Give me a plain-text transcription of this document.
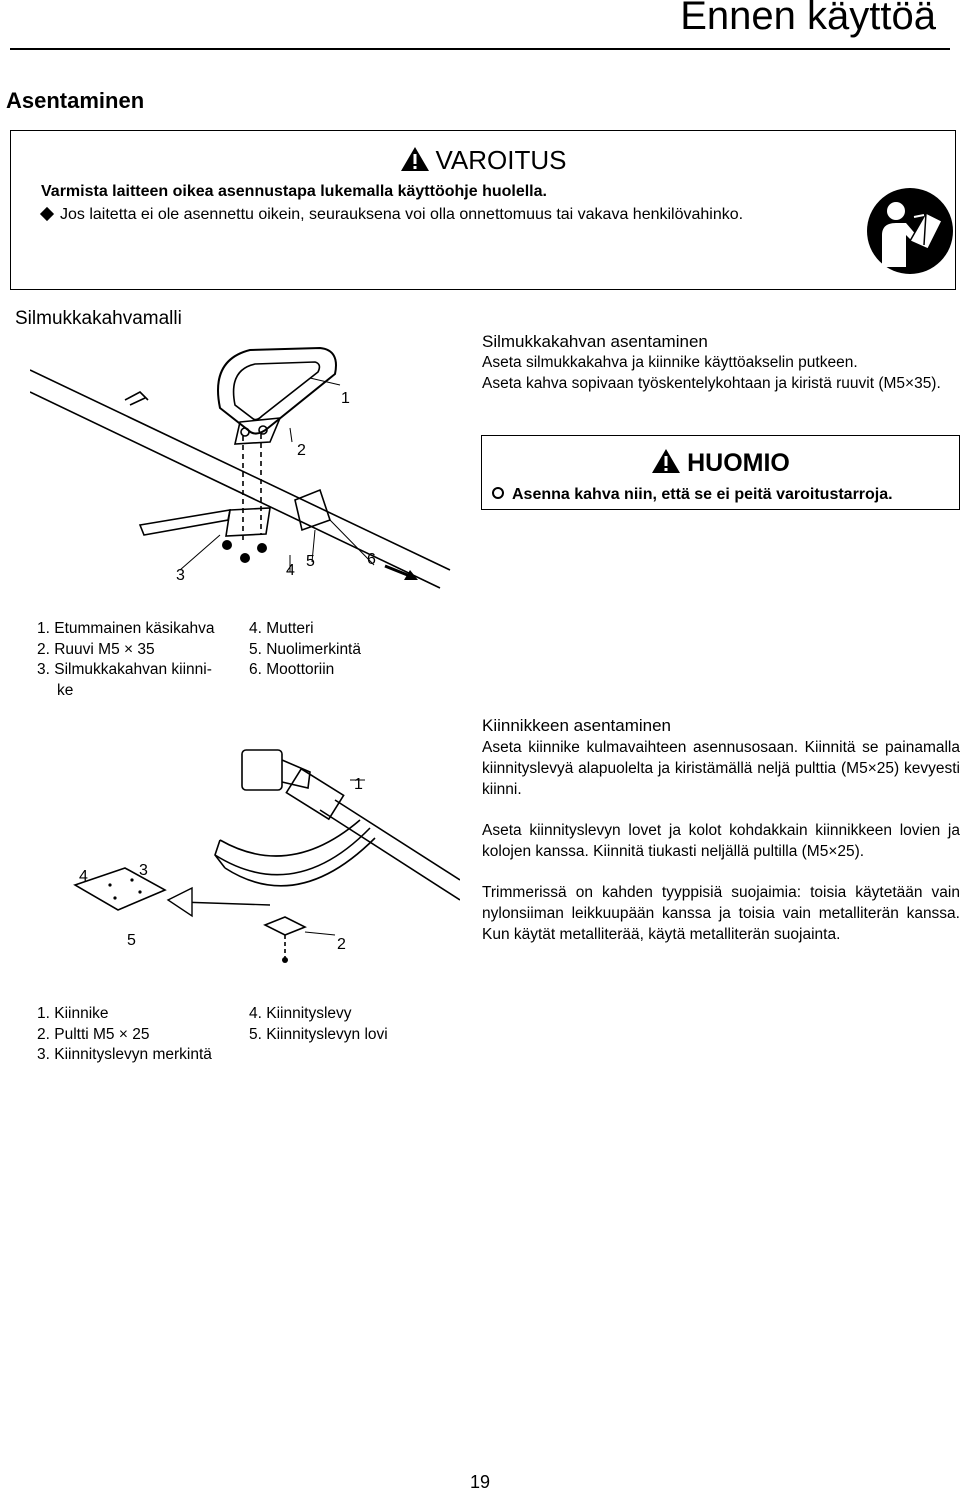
Ennen käyttöä
Asentaminen
VAROITUS
Varmista laitteen oikea asennustapa lukemalla käyttöohje huolella.
Jos laitetta ei ole asennettu oikein, seurauksena voi olla onnettomuus tai vakava henkilövahinko.
Silmukkakahvamalli
1
2
3	4
5	6
Silmukkakahvan asentaminen
Aseta silmukkakahva ja kiinnike käyttöakselin putkeen.
Aseta kahva sopivaan työskentelykohtaan ja kiristä ruuvit (M5×35).
HUOMIO
Asenna kahva niin, että se ei peitä varoitustarroja.
1. Etummainen käsikahva
2. Ruuvi M5 × 35
3. Silmukkakahvan kiinni-
ke
4. Mutteri
5. Nuolimerkintä
6. Moottoriin
1
2
3
4
5
Kiinnikkeen asentaminen
Aseta kiinnike kulmavaihteen asennusosaan. Kiinnitä se painamalla kiinnityslevyä alapuolelta ja kiristämällä neljä pulttia (M5×25) kevyesti kiinni.
Aseta kiinnityslevyn lovet ja kolot kohdakkain kiinnikkeen lovien ja kolojen kanssa. Kiinnitä tiukasti neljällä pultilla (M5×25).
Trimmerissä on kahden tyyppisiä suojaimia: toisia käytetään vain nylonsiiman leikkuupään kanssa ja toisia vain metalliterän kanssa. Kun käytät metalliterää, käytä metalliterän suojainta.
1. Kiinnike
2. Pultti M5 × 25
3. Kiinnityslevyn merkintä
4. Kiinnityslevy
5. Kiinnityslevyn lovi
19
